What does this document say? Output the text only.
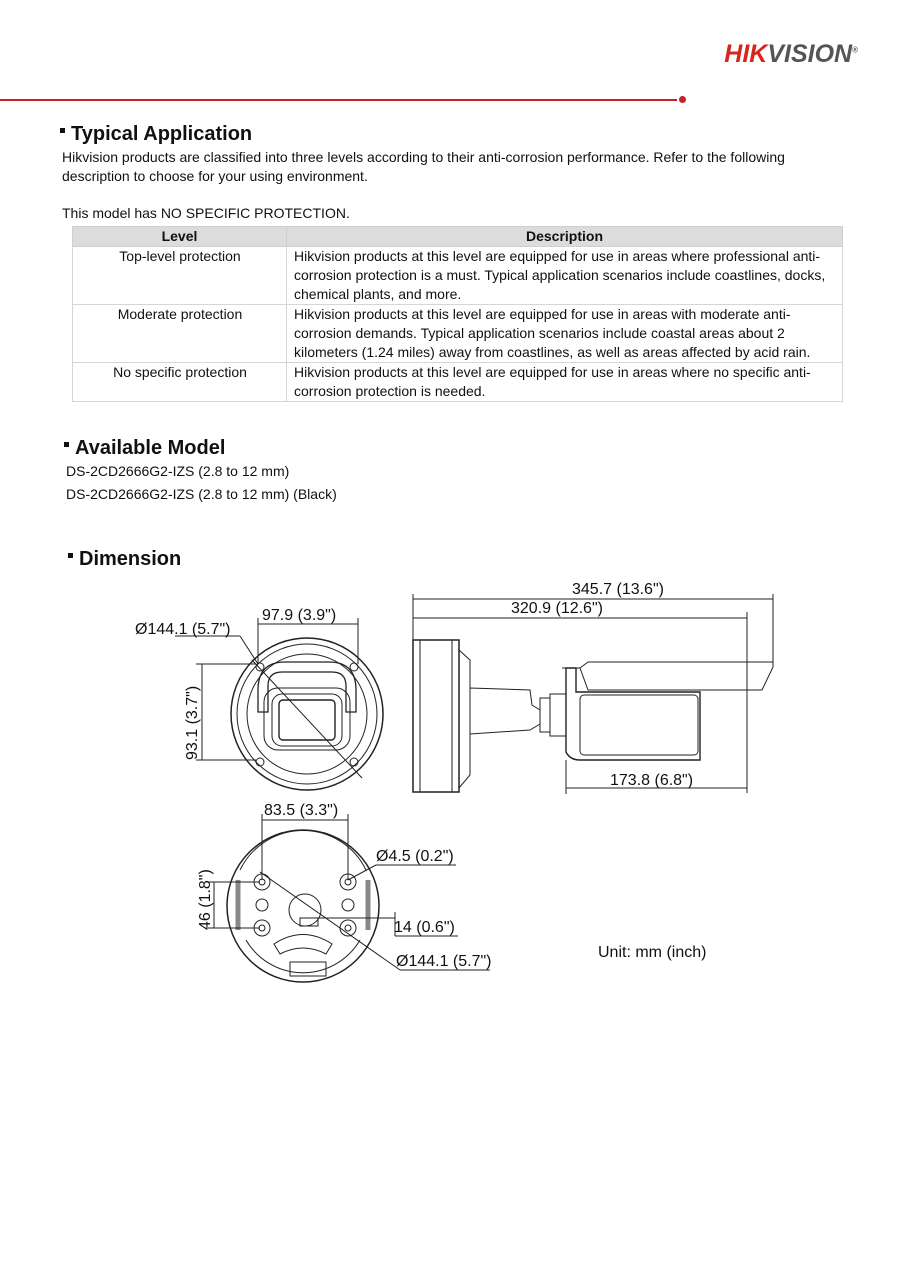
HIKVISION®
Typical Application
Hikvision products are classified into three levels according to their anti-corrosion performance. Refer to the following
description to choose for your using environment.
This model has NO SPECIFIC PROTECTION.
Level	Description
Top-level protection	Hikvision products at this level are equipped for use in areas where professional anti-
corrosion protection is a must. Typical application scenarios include coastlines, docks,
chemical plants, and more.

Moderate protection	Hikvision products at this level are equipped for use in areas with moderate anti-
corrosion demands. Typical application scenarios include coastal areas about 2
kilometers (1.24 miles) away from coastlines, as well as areas affected by acid rain.

No specific protection	Hikvision products at this level are equipped for use in areas where no specific anti-
corrosion protection is needed.
Available Model
DS-2CD2666G2-IZS (2.8 to 12 mm)
DS-2CD2666G2-IZS (2.8 to 12 mm) (Black)
Dimension
Ø144.1 (5.7")
97.9 (3.9")
93.1 (3.7")
345.7 (13.6")
320.9 (12.6")
173.8 (6.8")
83.5 (3.3")
Ø4.5 (0.2")
46 (1.8")	14 (0.6")
Ø144.1 (5.7")
Unit: mm (inch)
